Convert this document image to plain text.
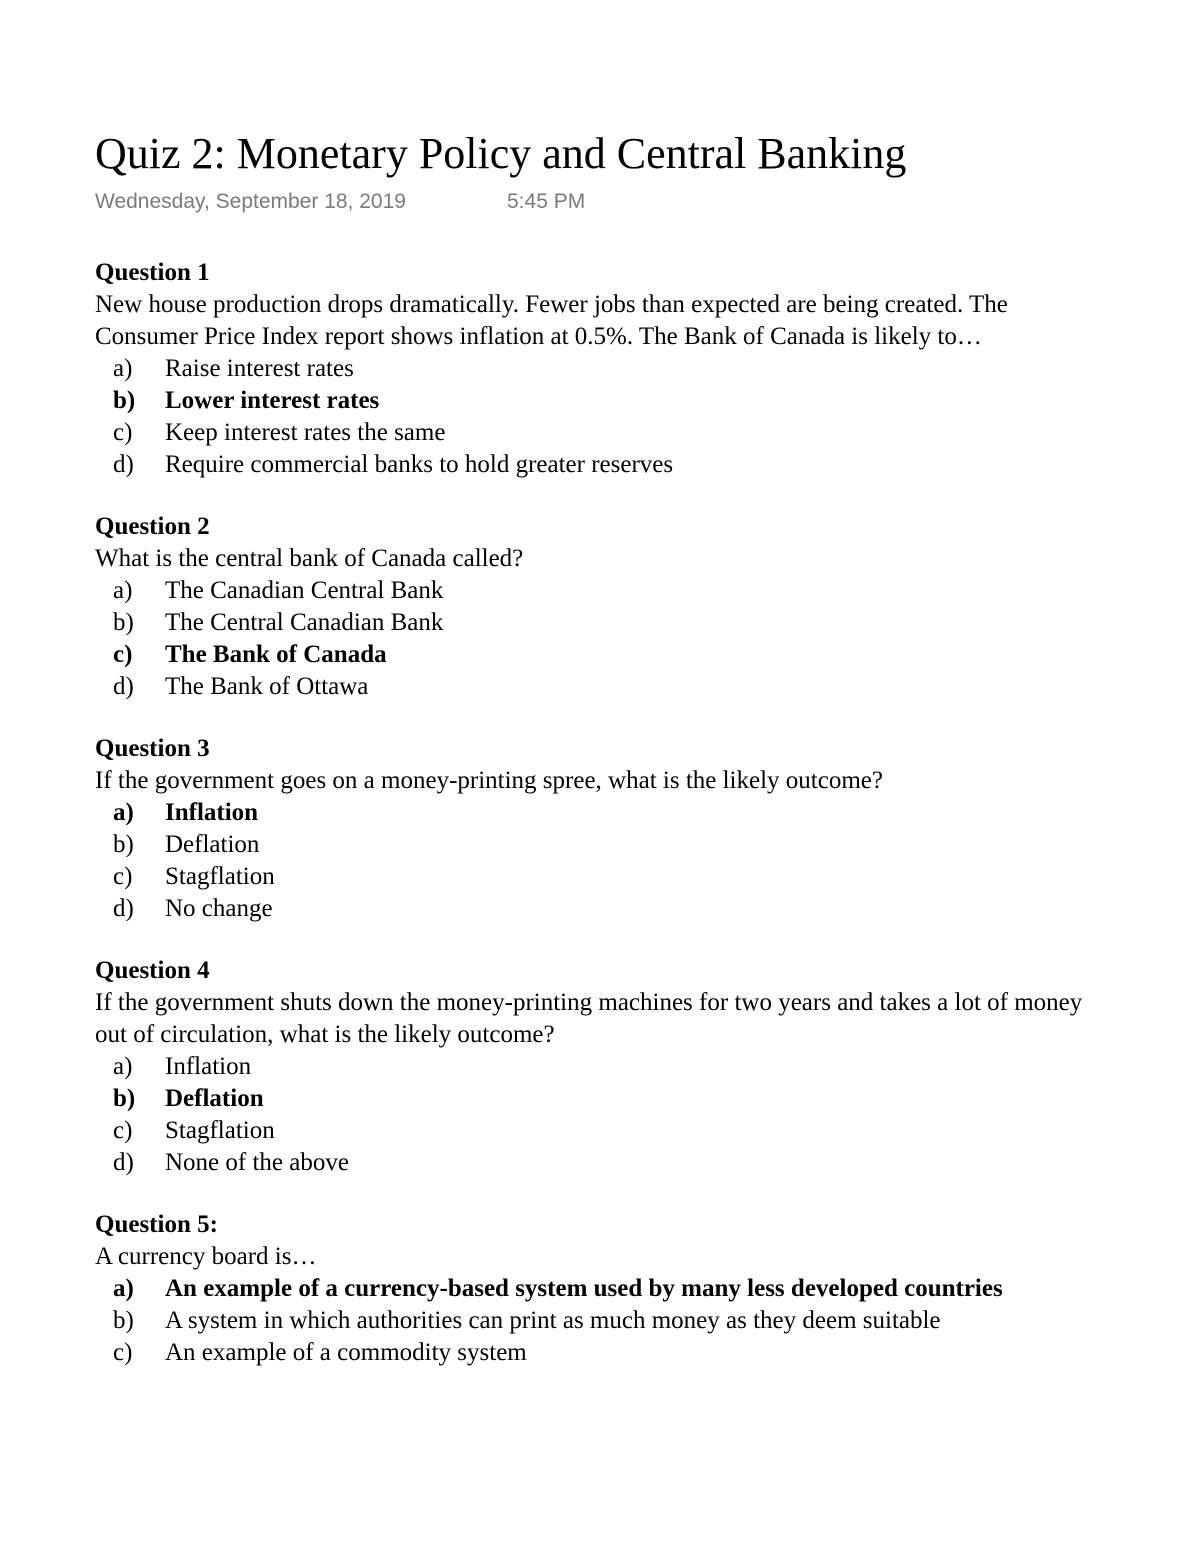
Quiz 2: Monetary Policy and Central Banking
Wednesday, September 18, 2019	5:45 PM
Question 1

New house production drops dramatically. Fewer jobs than expected are being created. The Consumer Price Index report shows inflation at 0.5%. The Bank of Canada is likely to…

a)	Raise interest rates
b)	Lower interest rates
c)	Keep interest rates the same
d)	Require commercial banks to hold greater reserves
Question 2

What is the central bank of Canada called?

a)	The Canadian Central Bank
b)	The Central Canadian Bank
c)	The Bank of Canada
d)	The Bank of Ottawa
Question 3

If the government goes on a money-printing spree, what is the likely outcome?

a)	Inflation
b)	Deflation
c)	Stagflation
d)	No change
Question 4

If the government shuts down the money-printing machines for two years and takes a lot of money out of circulation, what is the likely outcome?

a)	Inflation
b)	Deflation
c)	Stagflation
d)	None of the above
Question 5:

A currency board is…

a)	An example of a currency-based system used by many less developed countries
b)	A system in which authorities can print as much money as they deem suitable
c)	An example of a commodity system
